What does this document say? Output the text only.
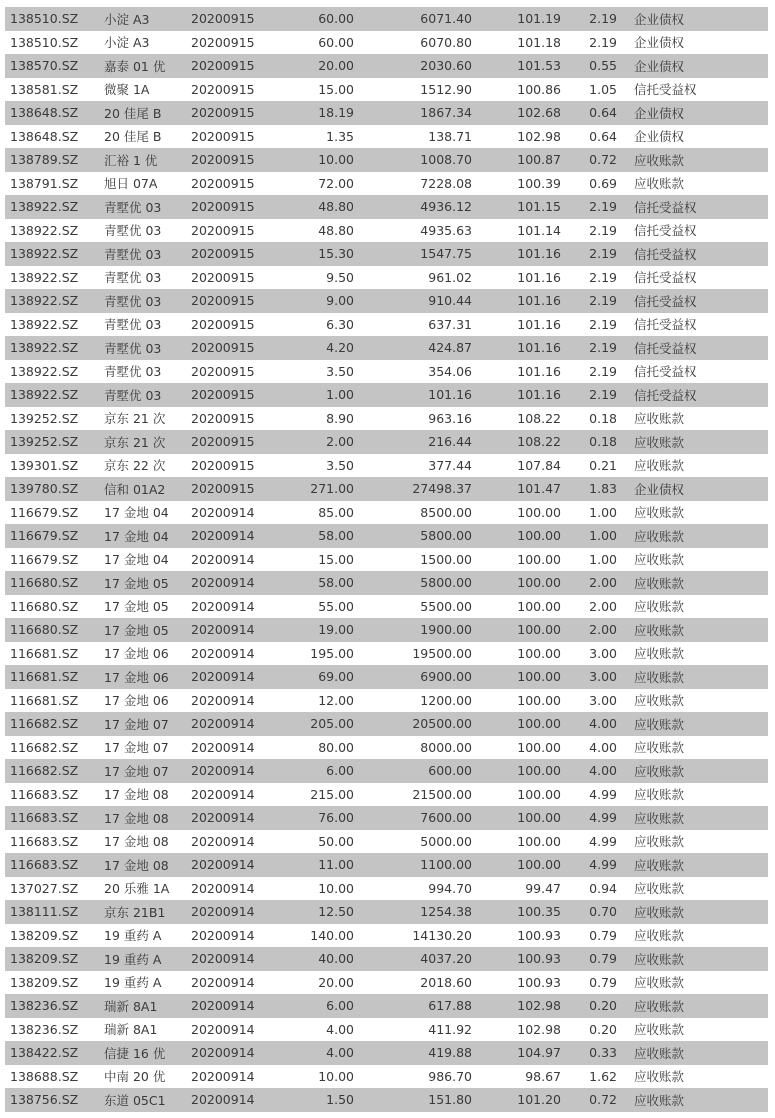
138510.SZ	小淀 A3	20200915	60.00	6071.40	101.19	2.19	企业债权
138510.SZ	小淀 A3	20200915	60.00	6070.80	101.18	2.19	企业债权
138570.SZ	嘉泰 01 优	20200915	20.00	2030.60	101.53	0.55	企业债权
138581.SZ	微聚 1A	20200915	15.00	1512.90	100.86	1.05	信托受益权
138648.SZ	20 佳尾 B	20200915	18.19	1867.34	102.68	0.64	企业债权
138648.SZ	20 佳尾 B	20200915	1.35	138.71	102.98	0.64	企业债权
138789.SZ	汇裕 1 优	20200915	10.00	1008.70	100.87	0.72	应收账款
138791.SZ	旭日 07A	20200915	72.00	7228.08	100.39	0.69	应收账款
138922.SZ	青墅优 03	20200915	48.80	4936.12	101.15	2.19	信托受益权
138922.SZ	青墅优 03	20200915	48.80	4935.63	101.14	2.19	信托受益权
138922.SZ	青墅优 03	20200915	15.30	1547.75	101.16	2.19	信托受益权
138922.SZ	青墅优 03	20200915	9.50	961.02	101.16	2.19	信托受益权
138922.SZ	青墅优 03	20200915	9.00	910.44	101.16	2.19	信托受益权
138922.SZ	青墅优 03	20200915	6.30	637.31	101.16	2.19	信托受益权
138922.SZ	青墅优 03	20200915	4.20	424.87	101.16	2.19	信托受益权
138922.SZ	青墅优 03	20200915	3.50	354.06	101.16	2.19	信托受益权
138922.SZ	青墅优 03	20200915	1.00	101.16	101.16	2.19	信托受益权
139252.SZ	京东 21 次	20200915	8.90	963.16	108.22	0.18	应收账款
139252.SZ	京东 21 次	20200915	2.00	216.44	108.22	0.18	应收账款
139301.SZ	京东 22 次	20200915	3.50	377.44	107.84	0.21	应收账款
139780.SZ	信和 01A2	20200915	271.00	27498.37	101.47	1.83	企业债权
116679.SZ	17 金地 04	20200914	85.00	8500.00	100.00	1.00	应收账款
116679.SZ	17 金地 04	20200914	58.00	5800.00	100.00	1.00	应收账款
116679.SZ	17 金地 04	20200914	15.00	1500.00	100.00	1.00	应收账款
116680.SZ	17 金地 05	20200914	58.00	5800.00	100.00	2.00	应收账款
116680.SZ	17 金地 05	20200914	55.00	5500.00	100.00	2.00	应收账款
116680.SZ	17 金地 05	20200914	19.00	1900.00	100.00	2.00	应收账款
116681.SZ	17 金地 06	20200914	195.00	19500.00	100.00	3.00	应收账款
116681.SZ	17 金地 06	20200914	69.00	6900.00	100.00	3.00	应收账款
116681.SZ	17 金地 06	20200914	12.00	1200.00	100.00	3.00	应收账款
116682.SZ	17 金地 07	20200914	205.00	20500.00	100.00	4.00	应收账款
116682.SZ	17 金地 07	20200914	80.00	8000.00	100.00	4.00	应收账款
116682.SZ	17 金地 07	20200914	6.00	600.00	100.00	4.00	应收账款
116683.SZ	17 金地 08	20200914	215.00	21500.00	100.00	4.99	应收账款
116683.SZ	17 金地 08	20200914	76.00	7600.00	100.00	4.99	应收账款
116683.SZ	17 金地 08	20200914	50.00	5000.00	100.00	4.99	应收账款
116683.SZ	17 金地 08	20200914	11.00	1100.00	100.00	4.99	应收账款
137027.SZ	20 乐雅 1A	20200914	10.00	994.70	99.47	0.94	应收账款
138111.SZ	京东 21B1	20200914	12.50	1254.38	100.35	0.70	应收账款
138209.SZ	19 重药 A	20200914	140.00	14130.20	100.93	0.79	应收账款
138209.SZ	19 重药 A	20200914	40.00	4037.20	100.93	0.79	应收账款
138209.SZ	19 重药 A	20200914	20.00	2018.60	100.93	0.79	应收账款
138236.SZ	瑞新 8A1	20200914	6.00	617.88	102.98	0.20	应收账款
138236.SZ	瑞新 8A1	20200914	4.00	411.92	102.98	0.20	应收账款
138422.SZ	信捷 16 优	20200914	4.00	419.88	104.97	0.33	应收账款
138688.SZ	中南 20 优	20200914	10.00	986.70	98.67	1.62	应收账款
138756.SZ	东道 05C1	20200914	1.50	151.80	101.20	0.72	应收账款
